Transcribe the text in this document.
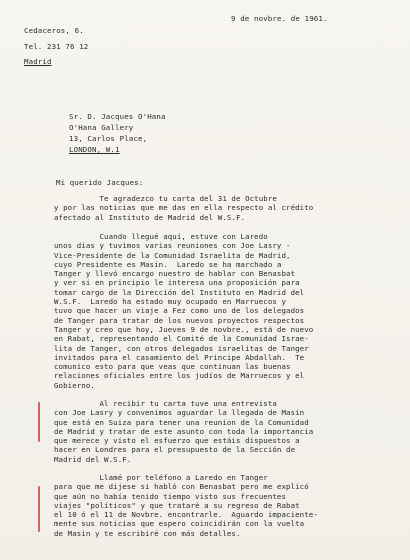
Cedaceros, 6.
Tel. 231 76 12
Madrid
9 de novbre. de 1961.
Sr. D. Jacques O'Hana
O'Hana Gallery
13, Carlos Place,
LONDON, W.1
Mi querido Jacques:
Te agradezco tu carta del 31 de Octubre
y por las noticias que me das en ella respecto al crédito
afectado al Instituto de Madrid del W.S.F.
Cuando llegué aquí, estuve con Laredo
unos días y tuvimos varias reuniones con Joe Lasry -
Vice-Presidente de la Comunidad Israelita de Madrid,
cuyo Presidente es Masin.  Laredo se ha marchado a
Tanger y llevó encargo nuestro de hablar con Benasbat
y ver si en principio le interesa una proposición para
tomar cargo de la Dirección del Instituto en Madrid del
W.S.F.  Laredo ha estado muy ocupado en Marruecos y
tuvo que hacer un viaje a Fez como uno de los delegados
de Tanger para tratar de los nuevos proyectos respectos
Tanger y creo que hoy, Jueves 9 de novbre., está de nuevo
en Rabat, representando el Comité de la Comunidad Israe-
lita de Tanger, con otros delegados israelitas de Tanger
invitados para el casamiento del Principe Abdallah.  Te
comunico esto para que veas que continuan las buenas
relaciones oficiales entre los judíos de Marruecos y el
Gobierno.
Al recibir tu carta tuve una entrevista
con Joe Lasry y convenimos aguardar la llegada de Masin
que está en Suiza para tener una reunion de la Comunidad
de Madrid y tratar de este asunto con toda la importancia
que merece y visto el esfuerzo que estáis dispuestos a
hacer en Londres para el presupuesto de la Sección de
Madrid del W.S.F.
Llamé por teléfono a Laredo en Tanger
para que me dijese si habló con Benasbat pero me explicó
que aún no había tenido tiempo visto sus frecuentes
viajes "políticos" y que trataré a su regreso de Rabat
el 10 ó el 11 de Novbre. encontrarle.  Aguardo impaciente-
mente sus noticias que espero coincidirán con la vuelta
de Masin y te escribiré con más detalles.
